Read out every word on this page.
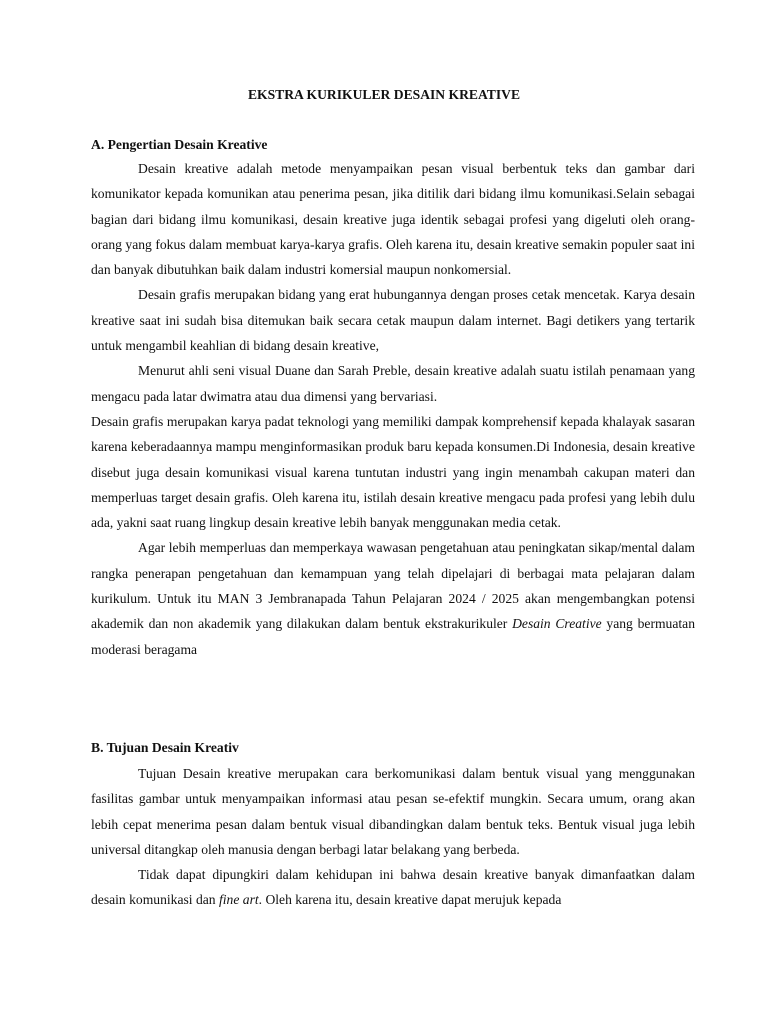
EKSTRA KURIKULER DESAIN KREATIVE
A. Pengertian Desain Kreative

Desain kreative adalah metode menyampaikan pesan visual berbentuk teks dan gambar dari komunikator kepada komunikan atau penerima pesan, jika ditilik dari bidang ilmu komunikasi.Selain sebagai bagian dari bidang ilmu komunikasi, desain kreative juga identik sebagai profesi yang digeluti oleh orang-orang yang fokus dalam membuat karya-karya grafis. Oleh karena itu, desain kreative semakin populer saat ini dan banyak dibutuhkan baik dalam industri komersial maupun nonkomersial.

Desain grafis merupakan bidang yang erat hubungannya dengan proses cetak mencetak. Karya desain kreative saat ini sudah bisa ditemukan baik secara cetak maupun dalam internet. Bagi detikers yang tertarik untuk mengambil keahlian di bidang desain kreative,

Menurut ahli seni visual Duane dan Sarah Preble, desain kreative adalah suatu istilah penamaan yang mengacu pada latar dwimatra atau dua dimensi yang bervariasi.

Desain grafis merupakan karya padat teknologi yang memiliki dampak komprehensif kepada khalayak sasaran karena keberadaannya mampu menginformasikan produk baru kepada konsumen.Di Indonesia, desain kreative disebut juga desain komunikasi visual karena tuntutan industri yang ingin menambah cakupan materi dan memperluas target desain grafis. Oleh karena itu, istilah desain kreative mengacu pada profesi yang lebih dulu ada, yakni saat ruang lingkup desain kreative lebih banyak menggunakan media cetak.

Agar lebih memperluas dan memperkaya wawasan pengetahuan atau peningkatan sikap/mental dalam rangka penerapan pengetahuan dan kemampuan yang telah dipelajari di berbagai mata pelajaran dalam kurikulum. Untuk itu MAN 3 Jembranapada Tahun Pelajaran 2024 / 2025 akan mengembangkan potensi akademik dan non akademik yang dilakukan dalam bentuk ekstrakurikuler Desain Creative yang bermuatan moderasi beragama

B. Tujuan Desain Kreativ

Tujuan Desain kreative merupakan cara berkomunikasi dalam bentuk visual yang menggunakan fasilitas gambar untuk menyampaikan informasi atau pesan se-efektif mungkin. Secara umum, orang akan lebih cepat menerima pesan dalam bentuk visual dibandingkan dalam bentuk teks. Bentuk visual juga lebih universal ditangkap oleh manusia dengan berbagi latar belakang yang berbeda.

Tidak dapat dipungkiri dalam kehidupan ini bahwa desain kreative banyak dimanfaatkan dalam desain komunikasi dan fine art. Oleh karena itu, desain kreative dapat merujuk kepada
